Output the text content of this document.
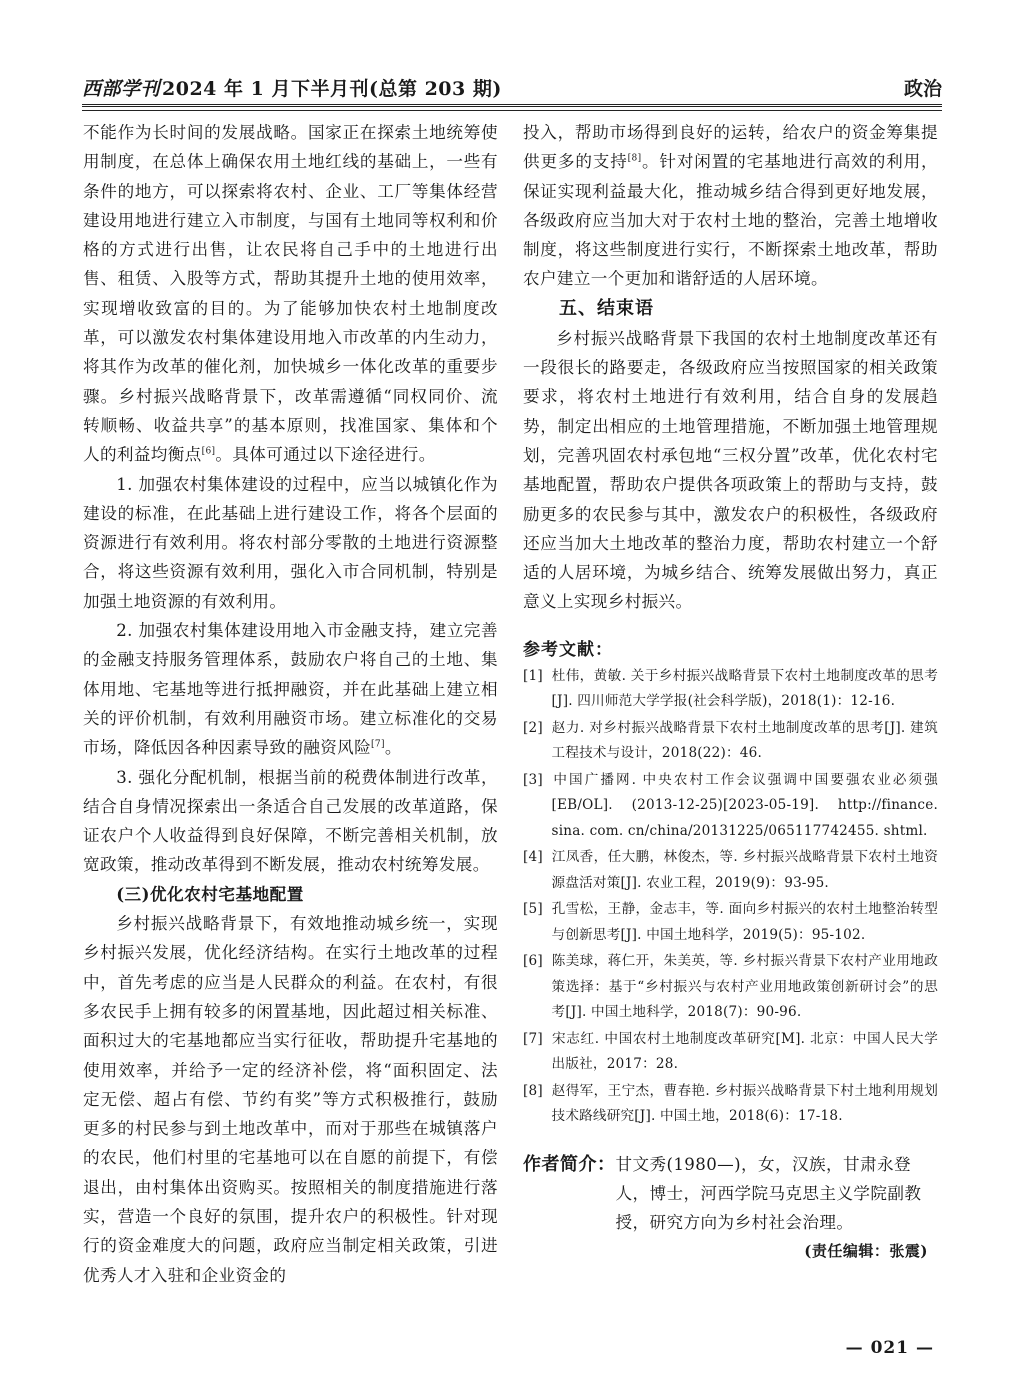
西部学刊 2024 年 1 月下半月刊(总第 203 期)	政治

不能作为长时间的发展战略。国家正在探索土地统筹使用制度，在总体上确保农用土地红线的基础上，一些有条件的地方，可以探索将农村、企业、工厂等集体经营建设用地进行建立入市制度，与国有土地同等权利和价格的方式进行出售，让农民将自己手中的土地进行出售、租赁、入股等方式，帮助其提升土地的使用效率，实现增收致富的目的。为了能够加快农村土地制度改革，可以激发农村集体建设用地入市改革的内生动力，将其作为改革的催化剂，加快城乡一体化改革的重要步骤。乡村振兴战略背景下，改革需遵循“同权同价、流转顺畅、收益共享”的基本原则，找准国家、集体和个人的利益均衡点[6]。具体可通过以下途径进行。

1. 加强农村集体建设的过程中，应当以城镇化作为建设的标准，在此基础上进行建设工作，将各个层面的资源进行有效利用。将农村部分零散的土地进行资源整合，将这些资源有效利用，强化入市合同机制，特别是加强土地资源的有效利用。

2. 加强农村集体建设用地入市金融支持，建立完善的金融支持服务管理体系，鼓励农户将自己的土地、集体用地、宅基地等进行抵押融资，并在此基础上建立相关的评价机制，有效利用融资市场。建立标准化的交易市场，降低因各种因素导致的融资风险[7]。

3. 强化分配机制，根据当前的税费体制进行改革，结合自身情况探索出一条适合自己发展的改革道路，保证农户个人收益得到良好保障，不断完善相关机制，放宽政策，推动改革得到不断发展，推动农村统筹发展。

(三)优化农村宅基地配置

乡村振兴战略背景下，有效地推动城乡统一，实现乡村振兴发展，优化经济结构。在实行土地改革的过程中，首先考虑的应当是人民群众的利益。在农村，有很多农民手上拥有较多的闲置基地，因此超过相关标准、面积过大的宅基地都应当实行征收，帮助提升宅基地的使用效率，并给予一定的经济补偿，将“面积固定、法定无偿、超占有偿、节约有奖”等方式积极推行，鼓励更多的村民参与到土地改革中，而对于那些在城镇落户的农民，他们村里的宅基地可以在自愿的前提下，有偿退出，由村集体出资购买。按照相关的制度措施进行落实，营造一个良好的氛围，提升农户的积极性。针对现行的资金难度大的问题，政府应当制定相关政策，引进优秀人才入驻和企业资金的

投入，帮助市场得到良好的运转，给农户的资金筹集提供更多的支持[8]。针对闲置的宅基地进行高效的利用，保证实现利益最大化，推动城乡结合得到更好地发展，各级政府应当加大对于农村土地的整治，完善土地增收制度，将这些制度进行实行，不断探索土地改革，帮助农户建立一个更加和谐舒适的人居环境。

五、结束语

乡村振兴战略背景下我国的农村土地制度改革还有一段很长的路要走，各级政府应当按照国家的相关政策要求，将农村土地进行有效利用，结合自身的发展趋势，制定出相应的土地管理措施，不断加强土地管理规划，完善巩固农村承包地“三权分置”改革，优化农村宅基地配置，帮助农户提供各项政策上的帮助与支持，鼓励更多的农民参与其中，激发农户的积极性，各级政府还应当加大土地改革的整治力度，帮助农村建立一个舒适的人居环境，为城乡结合、统筹发展做出努力，真正意义上实现乡村振兴。

参考文献：
[1] 杜伟，黄敏. 关于乡村振兴战略背景下农村土地制度改革的思考[J]. 四川师范大学学报(社会科学版)，2018(1)：12-16.
[2] 赵力. 对乡村振兴战略背景下农村土地制度改革的思考[J]. 建筑工程技术与设计，2018(22)：46.
[3] 中国广播网. 中央农村工作会议强调中国要强农业必须强[EB/OL]. (2013-12-25)[2023-05-19]. http://finance. sina. com. cn/china/20131225/065117742455. shtml.
[4] 江凤香，任大鹏，林俊杰，等. 乡村振兴战略背景下农村土地资源盘活对策[J]. 农业工程，2019(9)：93-95.
[5] 孔雪松，王静，金志丰，等. 面向乡村振兴的农村土地整治转型与创新思考[J]. 中国土地科学，2019(5)：95-102.
[6] 陈美球，蒋仁开，朱美英，等. 乡村振兴背景下农村产业用地政策选择：基于“乡村振兴与农村产业用地政策创新研讨会”的思考[J]. 中国土地科学，2018(7)：90-96.
[7] 宋志红. 中国农村土地制度改革研究[M]. 北京：中国人民大学出版社，2017：28.
[8] 赵得军，王宁杰，曹春艳. 乡村振兴战略背景下村土地利用规划技术路线研究[J]. 中国土地，2018(6)：17-18.
作者简介： 甘文秀(1980—)，女，汉族，甘肃永登人，博士，河西学院马克思主义学院副教授，研究方向为乡村社会治理。
(责任编辑：张震)
— 021 —
